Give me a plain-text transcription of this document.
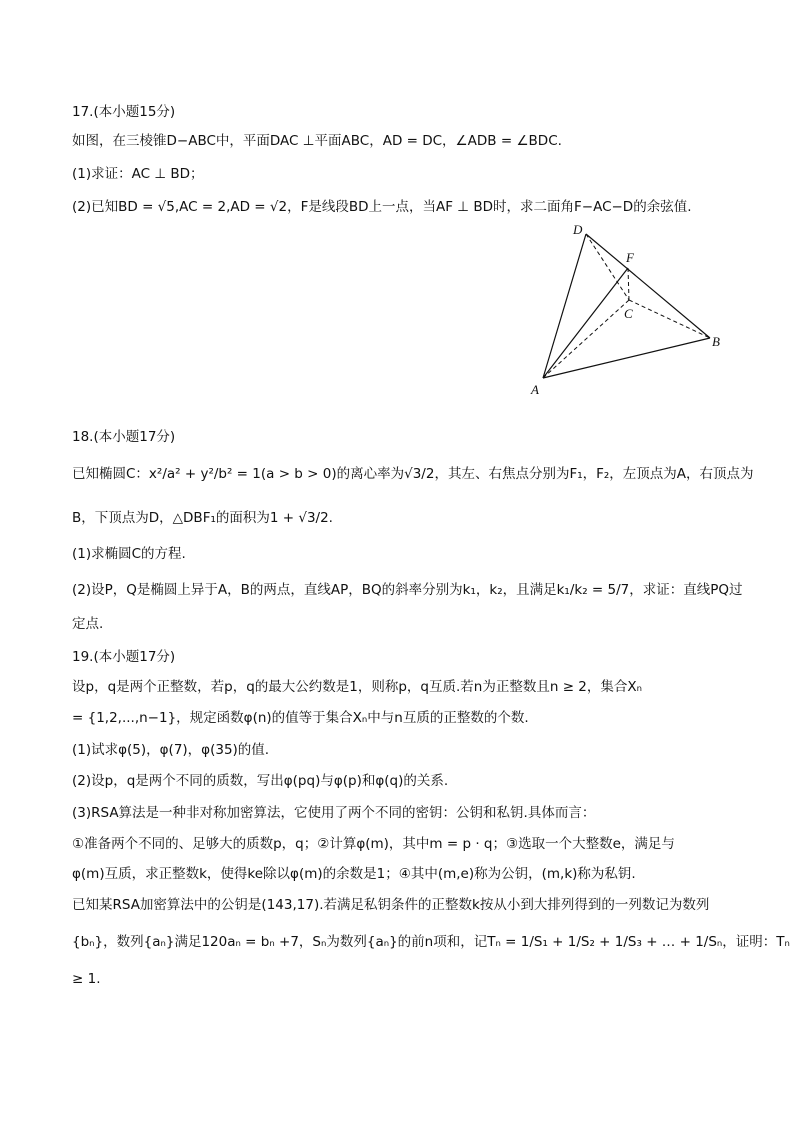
17.(本小题15分)
如图，在三棱锥D−ABC中，平面DAC ⊥平面ABC，AD = DC，∠ADB = ∠BDC.
(1)求证：AC ⊥ BD；
(2)已知BD = √5,AC = 2,AD = √2，F是线段BD上一点，当AF ⊥ BD时，求二面角F−AC−D的余弦值.
D
F
C
B
A
18.(本小题17分)
已知椭圆C：x²/a² + y²/b² = 1(a > b > 0)的离心率为√3/2，其左、右焦点分别为F₁，F₂，左顶点为A，右顶点为
B，下顶点为D，△DBF₁的面积为1 + √3/2.
(1)求椭圆C的方程.
(2)设P，Q是椭圆上异于A，B的两点，直线AP，BQ的斜率分别为k₁，k₂，且满足k₁/k₂ = 5/7，求证：直线PQ过
定点.
19.(本小题17分)
设p，q是两个正整数，若p，q的最大公约数是1，则称p，q互质.若n为正整数且n ≥ 2，集合Xₙ
= {1,2,...,n−1}，规定函数φ(n)的值等于集合Xₙ中与n互质的正整数的个数.
(1)试求φ(5)，φ(7)，φ(35)的值.
(2)设p，q是两个不同的质数，写出φ(pq)与φ(p)和φ(q)的关系.
(3)RSA算法是一种非对称加密算法，它使用了两个不同的密钥：公钥和私钥.具体而言：
①准备两个不同的、足够大的质数p，q；②计算φ(m)，其中m = p · q；③选取一个大整数e，满足与
φ(m)互质，求正整数k，使得ke除以φ(m)的余数是1；④其中(m,e)称为公钥，(m,k)称为私钥.
已知某RSA加密算法中的公钥是(143,17).若满足私钥条件的正整数k按从小到大排列得到的一列数记为数列
{bₙ}，数列{aₙ}满足120aₙ = bₙ +7，Sₙ为数列{aₙ}的前n项和，记Tₙ = 1/S₁ + 1/S₂ + 1/S₃ + … + 1/Sₙ，证明：Tₙ
≥ 1.
